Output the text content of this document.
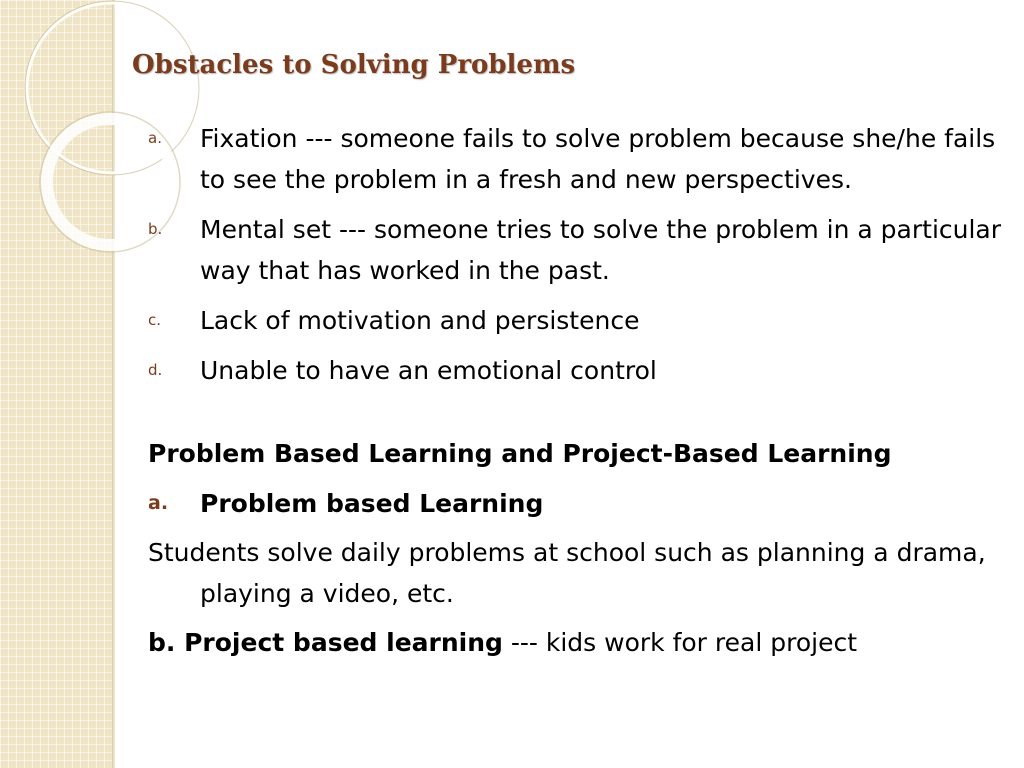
Obstacles to Solving Problems
a. Fixation --- someone fails to solve problem because she/he fails to see the problem in a fresh and new perspectives.
b. Mental set --- someone tries to solve the problem in a particular way that has worked in the past.
c. Lack of motivation and persistence
d. Unable to have an emotional control
Problem Based Learning and Project-Based Learning
a. Problem based Learning
Students solve daily problems at school such as planning a drama, playing a video, etc.
b. Project based learning --- kids work for real project
